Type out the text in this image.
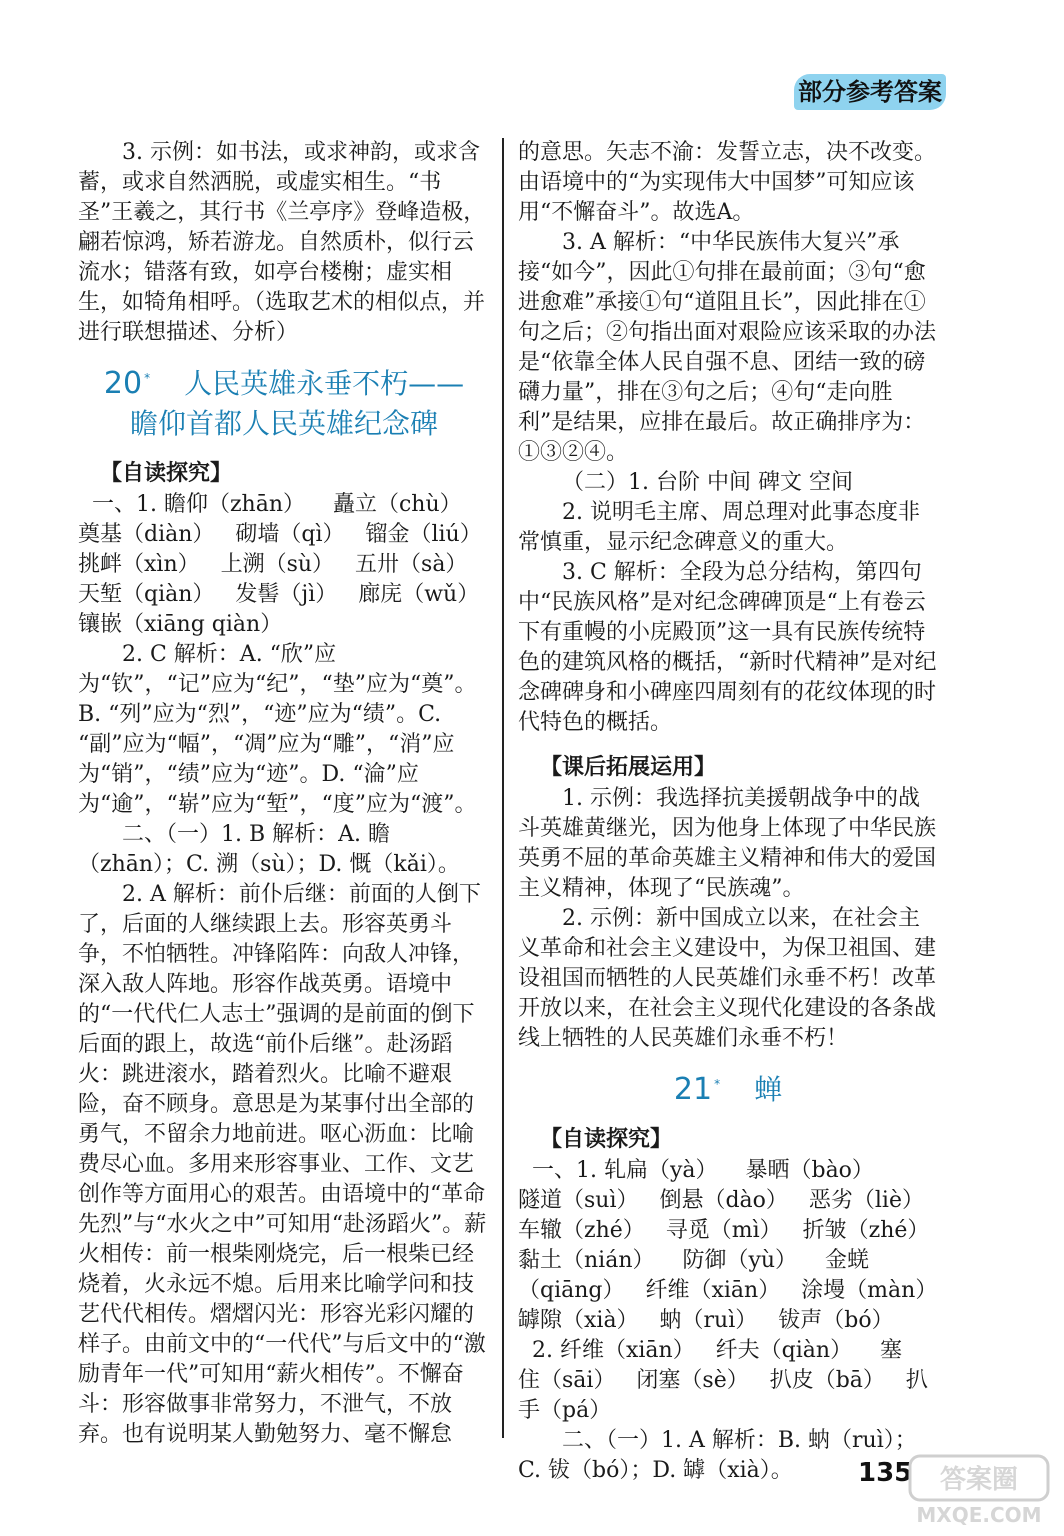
部分参考答案

3. 示例：如书法，或求神韵，或求含蓄，或求自然洒脱，或虚实相生。“书圣”王羲之，其行书《兰亭序》登峰造极，翩若惊鸿，矫若游龙。自然质朴，似行云流水；错落有致，如亭台楼榭；虚实相生，如犄角相呼。（选取艺术的相似点，并进行联想描述、分析）

20 * 人民英雄永垂不朽——
瞻仰首都人民英雄纪念碑
【自读探究】
一、1. 瞻仰（zhān）    矗立（chù）
奠基（diàn）   砌墙（qì）   镏金（liú）
挑衅（xìn）   上溯（sù）   五卅（sà）
天堑（qiàn）   发髻（jì）   廊庑（wǔ）
镶嵌（xiāng qiàn）

2. C 解析：A. “欣”应为“钦”，“记”应为“纪”，“垫”应为“奠”。B. “列”应为“烈”，“迹”应为“绩”。C. “副”应为“幅”，“凋”应为“雕”，“消”应为“销”，“绩”应为“迹”。D. “淪”应为“逾”，“崭”应为“堑”，“度”应为“渡”。

二、（一）1. B 解析：A. 瞻（zhān）；C. 溯（sù）；D. 慨（kǎi）。

2. A 解析：前仆后继：前面的人倒下了，后面的人继续跟上去。形容英勇斗争，不怕牺牲。冲锋陷阵：向敌人冲锋，深入敌人阵地。形容作战英勇。语境中的“一代代仁人志士”强调的是前面的倒下后面的跟上，故选“前仆后继”。赴汤蹈火：跳进滚水，踏着烈火。比喻不避艰险，奋不顾身。意思是为某事付出全部的勇气，不留余力地前进。呕心沥血：比喻费尽心血。多用来形容事业、工作、文艺创作等方面用心的艰苦。由语境中的“革命先烈”与“水火之中”可知用“赴汤蹈火”。薪火相传：前一根柴刚烧完，后一根柴已经烧着，火永远不熄。后用来比喻学问和技艺代代相传。熠熠闪光：形容光彩闪耀的样子。由前文中的“一代代”与后文中的“激励青年一代”可知用“薪火相传”。不懈奋斗：形容做事非常努力，不泄气，不放弃。也有说明某人勤勉努力、毫不懈怠

的意思。矢志不渝：发誓立志，决不改变。由语境中的“为实现伟大中国梦”可知应该用“不懈奋斗”。故选A。

3. A 解析：“中华民族伟大复兴”承接“如今”，因此①句排在最前面；③句“愈进愈难”承接①句“道阻且长”，因此排在①句之后；②句指出面对艰险应该采取的办法是“依靠全体人民自强不息、团结一致的磅礴力量”，排在③句之后；④句“走向胜利”是结果，应排在最后。故正确排序为：①③②④。

（二）1. 台阶 中间 碑文 空间

2. 说明毛主席、周总理对此事态度非常慎重，显示纪念碑意义的重大。

3. C 解析：全段为总分结构，第四句中“民族风格”是对纪念碑碑顶是“上有卷云下有重幔的小庑殿顶”这一具有民族传统特色的建筑风格的概括，“新时代精神”是对纪念碑碑身和小碑座四周刻有的花纹体现的时代特色的概括。

【课后拓展运用】

1. 示例：我选择抗美援朝战争中的战斗英雄黄继光，因为他身上体现了中华民族英勇不屈的革命英雄主义精神和伟大的爱国主义精神，体现了“民族魂”。

2. 示例：新中国成立以来，在社会主义革命和社会主义建设中，为保卫祖国、建设祖国而牺牲的人民英雄们永垂不朽！改革开放以来，在社会主义现代化建设的各条战线上牺牲的人民英雄们永垂不朽！

21 * 蝉
【自读探究】
一、1. 轧扁（yà）    暴晒（bào）
隧道（suì）   倒悬（dào）   恶劣（liè）
车辙（zhé）   寻觅（mì）   折皱（zhé）
黏土（nián）    防御（yù）    金蜣
（qiāng）   纤维（xiān）   涂墁（màn）
罅隙（xià）   蚋（ruì）   钹声（bó）
2. 纤维（xiān）   纤夫（qiàn）    塞
住（sāi）   闭塞（sè）   扒皮（bā）   扒
手（pá）

二、（一）1. A 解析：B. 蚋（ruì）；C. 钹（bó）；D. 罅（xià）。	135 答案圈
MXQE.COM
